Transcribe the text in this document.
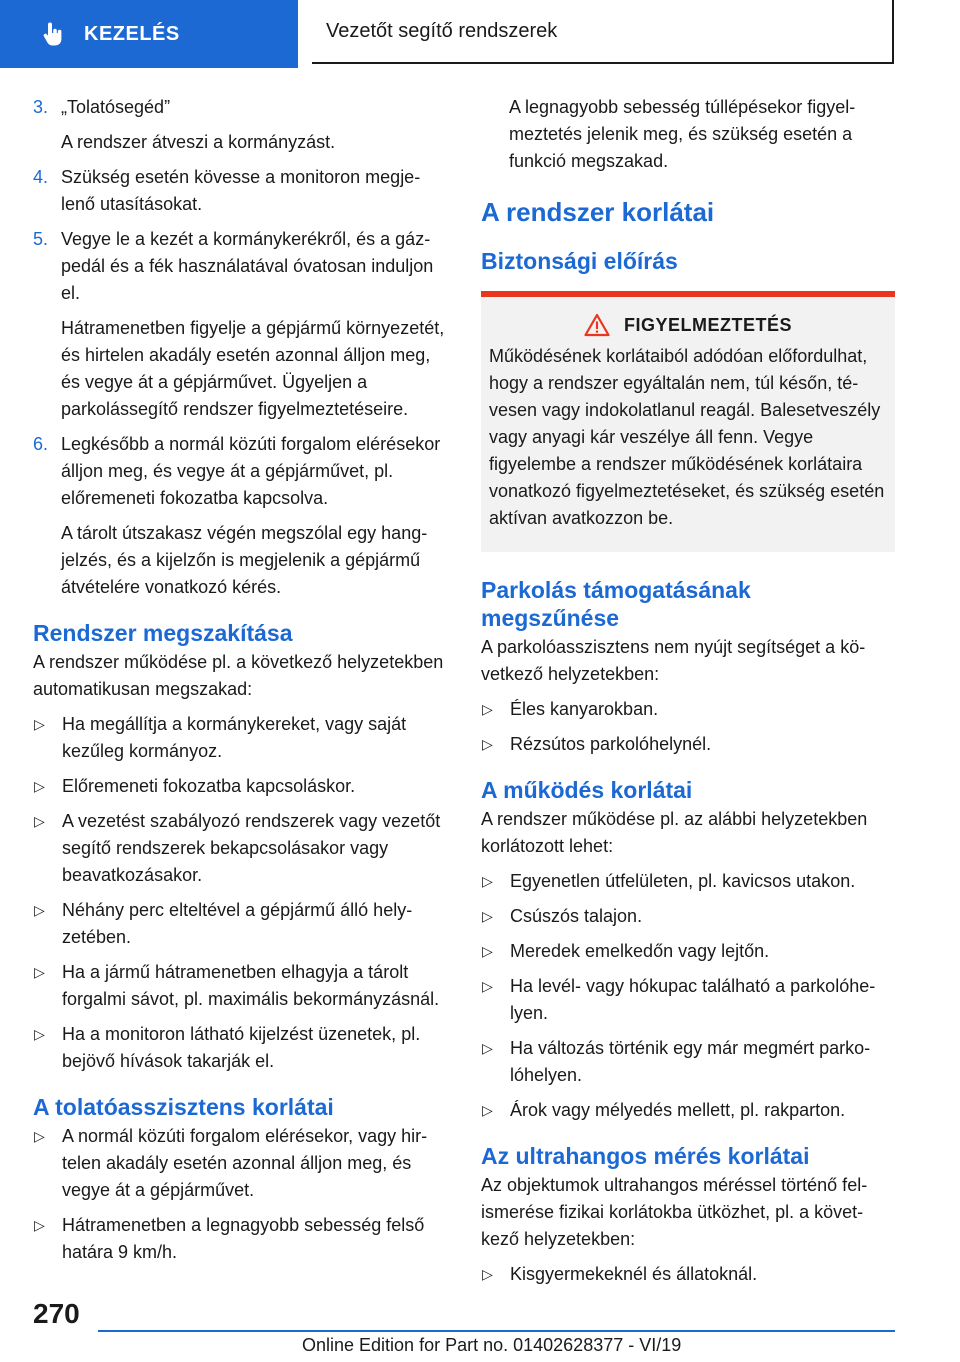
KEZELÉS	Vezetőt segítő rendszerek
3. „Tolatósegéd”

A rendszer átveszi a kormányzást.

4. Szükség esetén kövesse a monitoron megjelenő utasításokat.

5. Vegye le a kezét a kormánykerékről, és a gázpedál és a fék használatával óvatosan induljon el.

Hátramenetben figyelje a gépjármű környezetét, és hirtelen akadály esetén azonnal álljon meg, és vegye át a gépjárművet. Ügyeljen a parkolássegítő rendszer figyelmeztetéseire.

6. Legkésőbb a normál közúti forgalom elérésekor álljon meg, és vegye át a gépjárművet, pl. előremeneti fokozatba kapcsolva.

A tárolt útszakasz végén megszólal egy hangjelzés, és a kijelzőn is megjelenik a gépjármű átvételére vonatkozó kérés.

Rendszer megszakítása

A rendszer működése pl. a következő helyzetekben automatikusan megszakad:

▷ Ha megállítja a kormánykereket, vagy saját kezűleg kormányoz.

▷ Előremeneti fokozatba kapcsoláskor.

▷ A vezetést szabályozó rendszerek vagy vezetőt segítő rendszerek bekapcsolásakor vagy beavatkozásakor.

▷ Néhány perc elteltével a gépjármű álló helyzetében.

▷ Ha a jármű hátramenetben elhagyja a tárolt forgalmi sávot, pl. maximális bekormányzásnál.

▷ Ha a monitoron látható kijelzést üzenetek, pl. bejövő hívások takarják el.

A tolatóasszisztens korlátai
▷ A normál közúti forgalom elérésekor, vagy hirtelen akadály esetén azonnal álljon meg, és vegye át a gépjárművet.

▷ Hátramenetben a legnagyobb sebesség felső határa 9 km/h.

A legnagyobb sebesség túllépésekor figyelmeztetés jelenik meg, és szükség esetén a funkció megszakad.

A rendszer korlátai
Biztonsági előírás
FIGYELMEZTETÉS

Működésének korlátaiból adódóan előfordulhat, hogy a rendszer egyáltalán nem, túl későn, tévesen vagy indokolatlanul reagál. Balesetveszély vagy anyagi kár veszélye áll fenn. Vegye figyelembe a rendszer működésének korlátaira vonatkozó figyelmeztetéseket, és szükség esetén aktívan avatkozzon be.

Parkolás támogatásának megszűnése

A parkolóasszisztens nem nyújt segítséget a következő helyzetekben:

▷ Éles kanyarokban.

▷ Rézsútos parkolóhelynél.

A működés korlátai

A rendszer működése pl. az alábbi helyzetekben korlátozott lehet:

▷ Egyenetlen útfelületen, pl. kavicsos utakon.

▷ Csúszós talajon.

▷ Meredek emelkedőn vagy lejtőn.

▷ Ha levél- vagy hókupac található a parkolóhelyen.

▷ Ha változás történik egy már megmért parkolóhelyen.

▷ Árok vagy mélyedés mellett, pl. rakparton.

Az ultrahangos mérés korlátai

Az objektumok ultrahangos méréssel történő felismerése fizikai korlátokba ütközhet, pl. a következő helyzetekben:

▷ Kisgyermekeknél és állatoknál.

270
Online Edition for Part no. 01402628377 - VI/19
